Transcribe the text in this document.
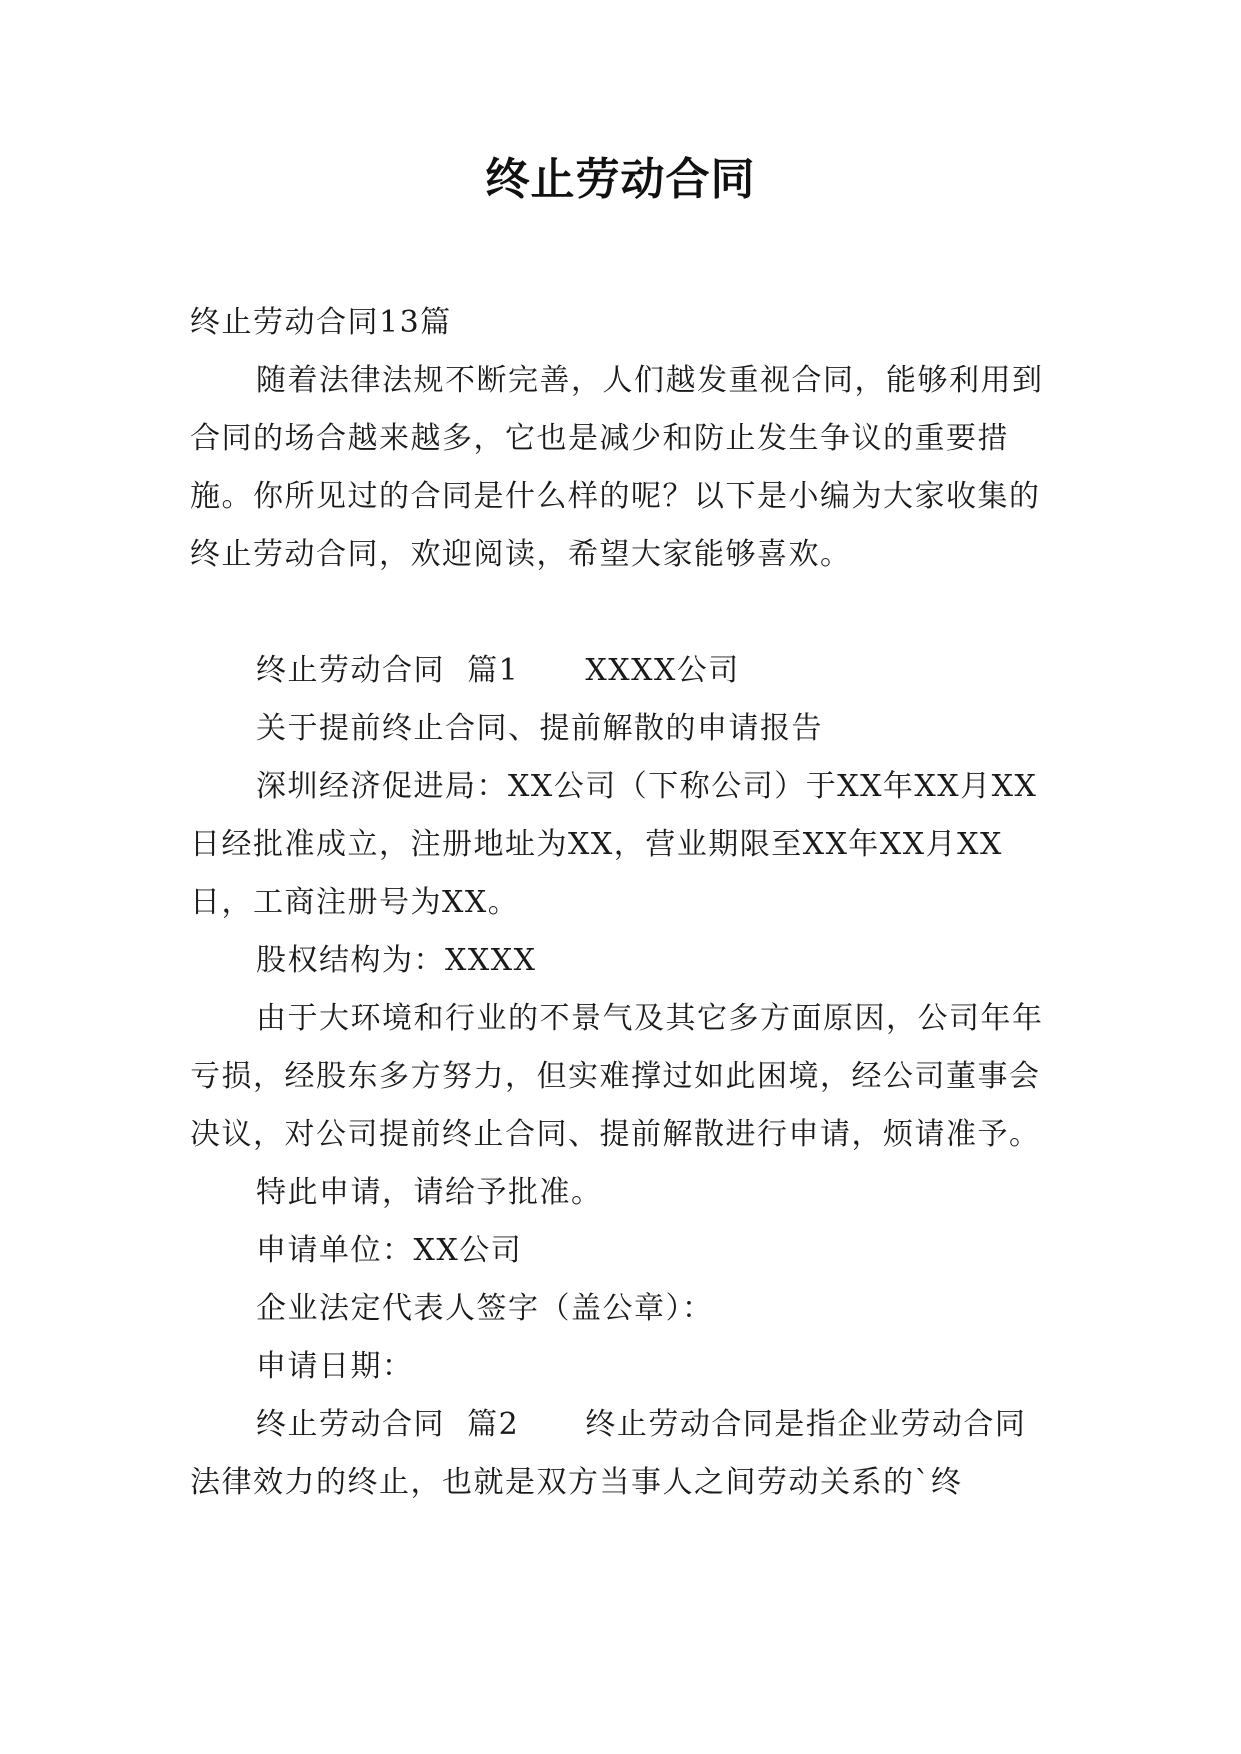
终止劳动合同

终止劳动合同13篇

随着法律法规不断完善，人们越发重视合同，能够利用到合同的场合越来越多，它也是减少和防止发生争议的重要措施。你所见过的合同是什么样的呢？以下是小编为大家收集的终止劳动合同，欢迎阅读，希望大家能够喜欢。

终止劳动合同  篇1      XXXX公司

关于提前终止合同、提前解散的申请报告

深圳经济促进局：XX公司（下称公司）于XX年XX月XX日经批准成立，注册地址为XX，营业期限至XX年XX月XX日，工商注册号为XX。

股权结构为：XXXX

由于大环境和行业的不景气及其它多方面原因，公司年年亏损，经股东多方努力，但实难撑过如此困境，经公司董事会决议，对公司提前终止合同、提前解散进行申请，烦请准予。

特此申请，请给予批准。

申请单位：XX公司

企业法定代表人签字（盖公章）：

申请日期：

终止劳动合同  篇2      终止劳动合同是指企业劳动合同法律效力的终止，也就是双方当事人之间劳动关系的`终
